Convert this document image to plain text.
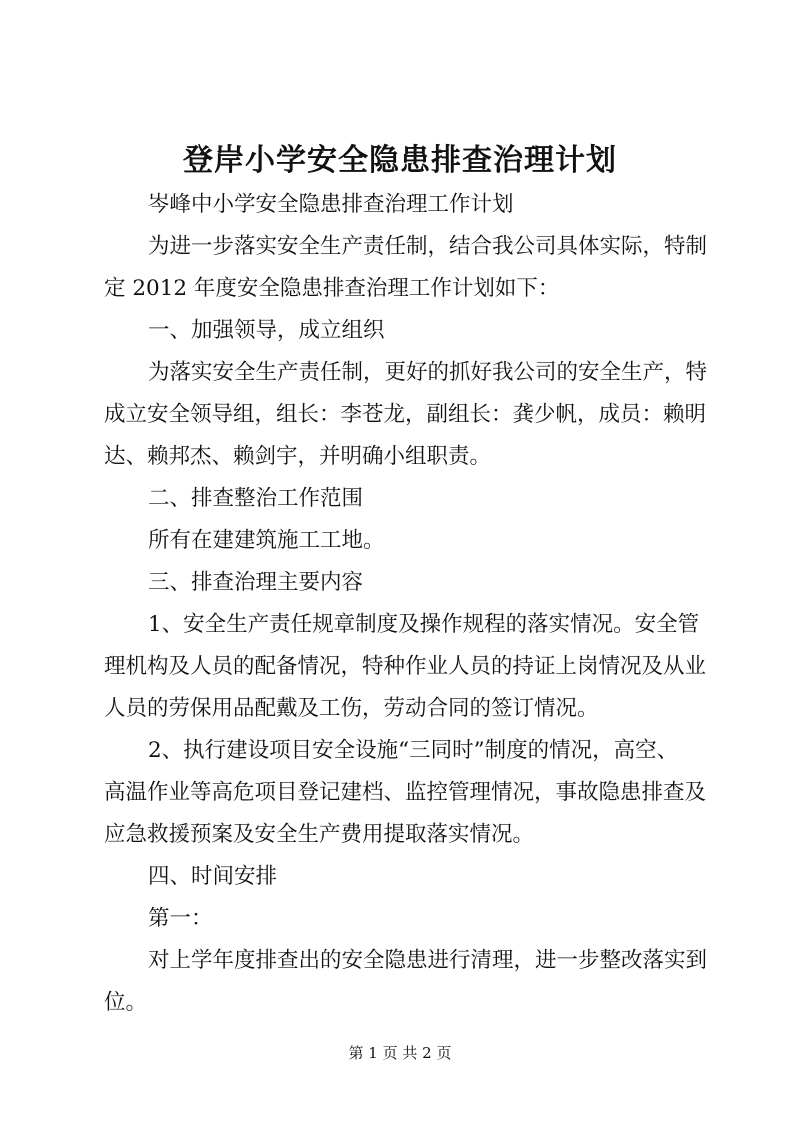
登岸小学安全隐患排查治理计划
岑峰中小学安全隐患排查治理工作计划
为进一步落实安全生产责任制，结合我公司具体实际，特制
定 2012 年度安全隐患排查治理工作计划如下：
一、加强领导，成立组织
为落实安全生产责任制，更好的抓好我公司的安全生产，特
成立安全领导组，组长：李苍龙，副组长：龚少帆，成员：赖明
达、赖邦杰、赖剑宇，并明确小组职责。
二、排查整治工作范围
所有在建建筑施工工地。
三、排查治理主要内容
1、安全生产责任规章制度及操作规程的落实情况。安全管
理机构及人员的配备情况，特种作业人员的持证上岗情况及从业
人员的劳保用品配戴及工伤，劳动合同的签订情况。
2、执行建设项目安全设施“三同时”制度的情况，高空、
高温作业等高危项目登记建档、监控管理情况，事故隐患排查及
应急救援预案及安全生产费用提取落实情况。
四、时间安排
第一：
对上学年度排查出的安全隐患进行清理，进一步整改落实到
位。
第 1 页 共 2 页
